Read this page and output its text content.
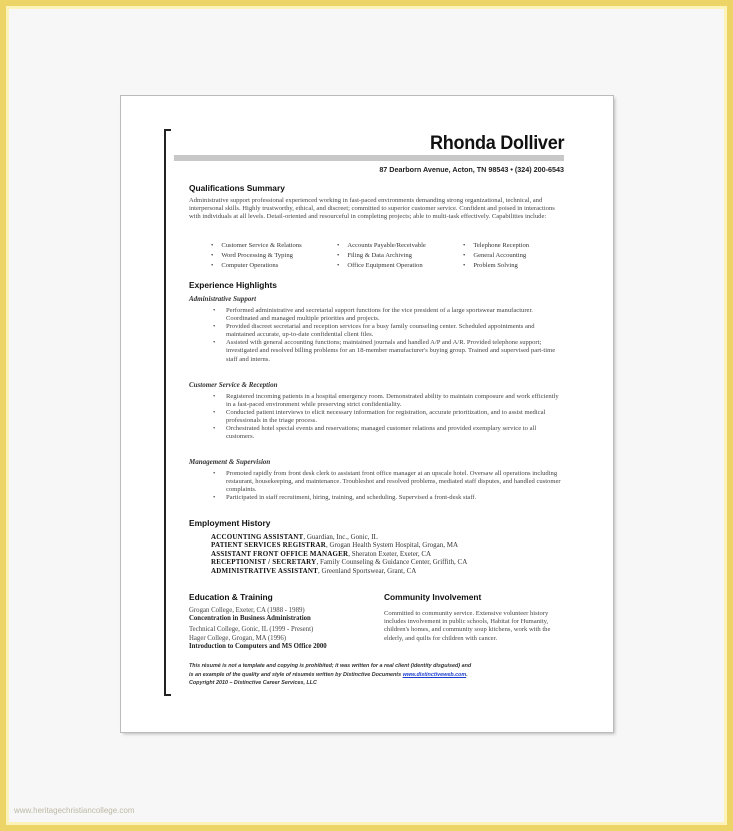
Rhonda Dolliver
87 Dearborn Avenue, Acton, TN 98543 • (324) 200-6543
Qualifications Summary
Administrative support professional experienced working in fast-paced environments demanding strong organizational, technical, and interpersonal skills. Highly trustworthy, ethical, and discreet; committed to superior customer service. Confident and poised in interactions with individuals at all levels. Detail-oriented and resourceful in completing projects; able to multi-task effectively. Capabilities include:
• Customer Service & Relations	• Accounts Payable/Receivable	• Telephone Reception
• Word Processing & Typing	• Filing & Data Archiving	• General Accounting
• Computer Operations	• Office Equipment Operation	• Problem Solving
Experience Highlights
Administrative Support
• Performed administrative and secretarial support functions for the vice president of a large sportswear manufacturer. Coordinated and managed multiple priorities and projects.
• Provided discreet secretarial and reception services for a busy family counseling center. Scheduled appointments and maintained accurate, up-to-date confidential client files.
• Assisted with general accounting functions; maintained journals and handled A/P and A/R. Provided telephone support; investigated and resolved billing problems for an 18-member manufacturer's buying group. Trained and supervised part-time staff and interns.
Customer Service & Reception
• Registered incoming patients in a hospital emergency room. Demonstrated ability to maintain composure and work efficiently in a fast-paced environment while preserving strict confidentiality.
• Conducted patient interviews to elicit necessary information for registration, accurate prioritization, and to assist medical professionals in the triage process.
• Orchestrated hotel special events and reservations; managed customer relations and provided exemplary service to all customers.
Management & Supervision
• Promoted rapidly from front desk clerk to assistant front office manager at an upscale hotel. Oversaw all operations including restaurant, housekeeping, and maintenance. Troubleshot and resolved problems, mediated staff disputes, and handled customer complaints.
• Participated in staff recruitment, hiring, training, and scheduling. Supervised a front-desk staff.
Employment History
ACCOUNTING ASSISTANT, Guardian, Inc., Gonic, IL
PATIENT SERVICES REGISTRAR, Grogan Health System Hospital, Grogan, MA
ASSISTANT FRONT OFFICE MANAGER, Sheraton Exeter, Exeter, CA
RECEPTIONIST / SECRETARY, Family Counseling & Guidance Center, Griffith, CA
ADMINISTRATIVE ASSISTANT, Greenland Sportswear, Grant, CA
Education & Training
Grogan College, Exeter, CA (1988 - 1989)
Concentration in Business Administration
Technical College, Gonic, IL (1999 - Present)
Hager College, Grogan, MA (1996)
Introduction to Computers and MS Office 2000
Community Involvement
Committed to community service. Extensive volunteer history includes involvement in public schools, Habitat for Humanity, children's homes, and community soup kitchens, work with the elderly, and quilts for children with cancer.
This résumé is not a template and copying is prohibited; it was written for a real client (identity disguised) and
is an example of the quality and style of résumés written by Distinctive Documents www.distinctiveweb.com.
Copyright 2010 – Distinctive Career Services, LLC
www.heritagechristiancollege.com
